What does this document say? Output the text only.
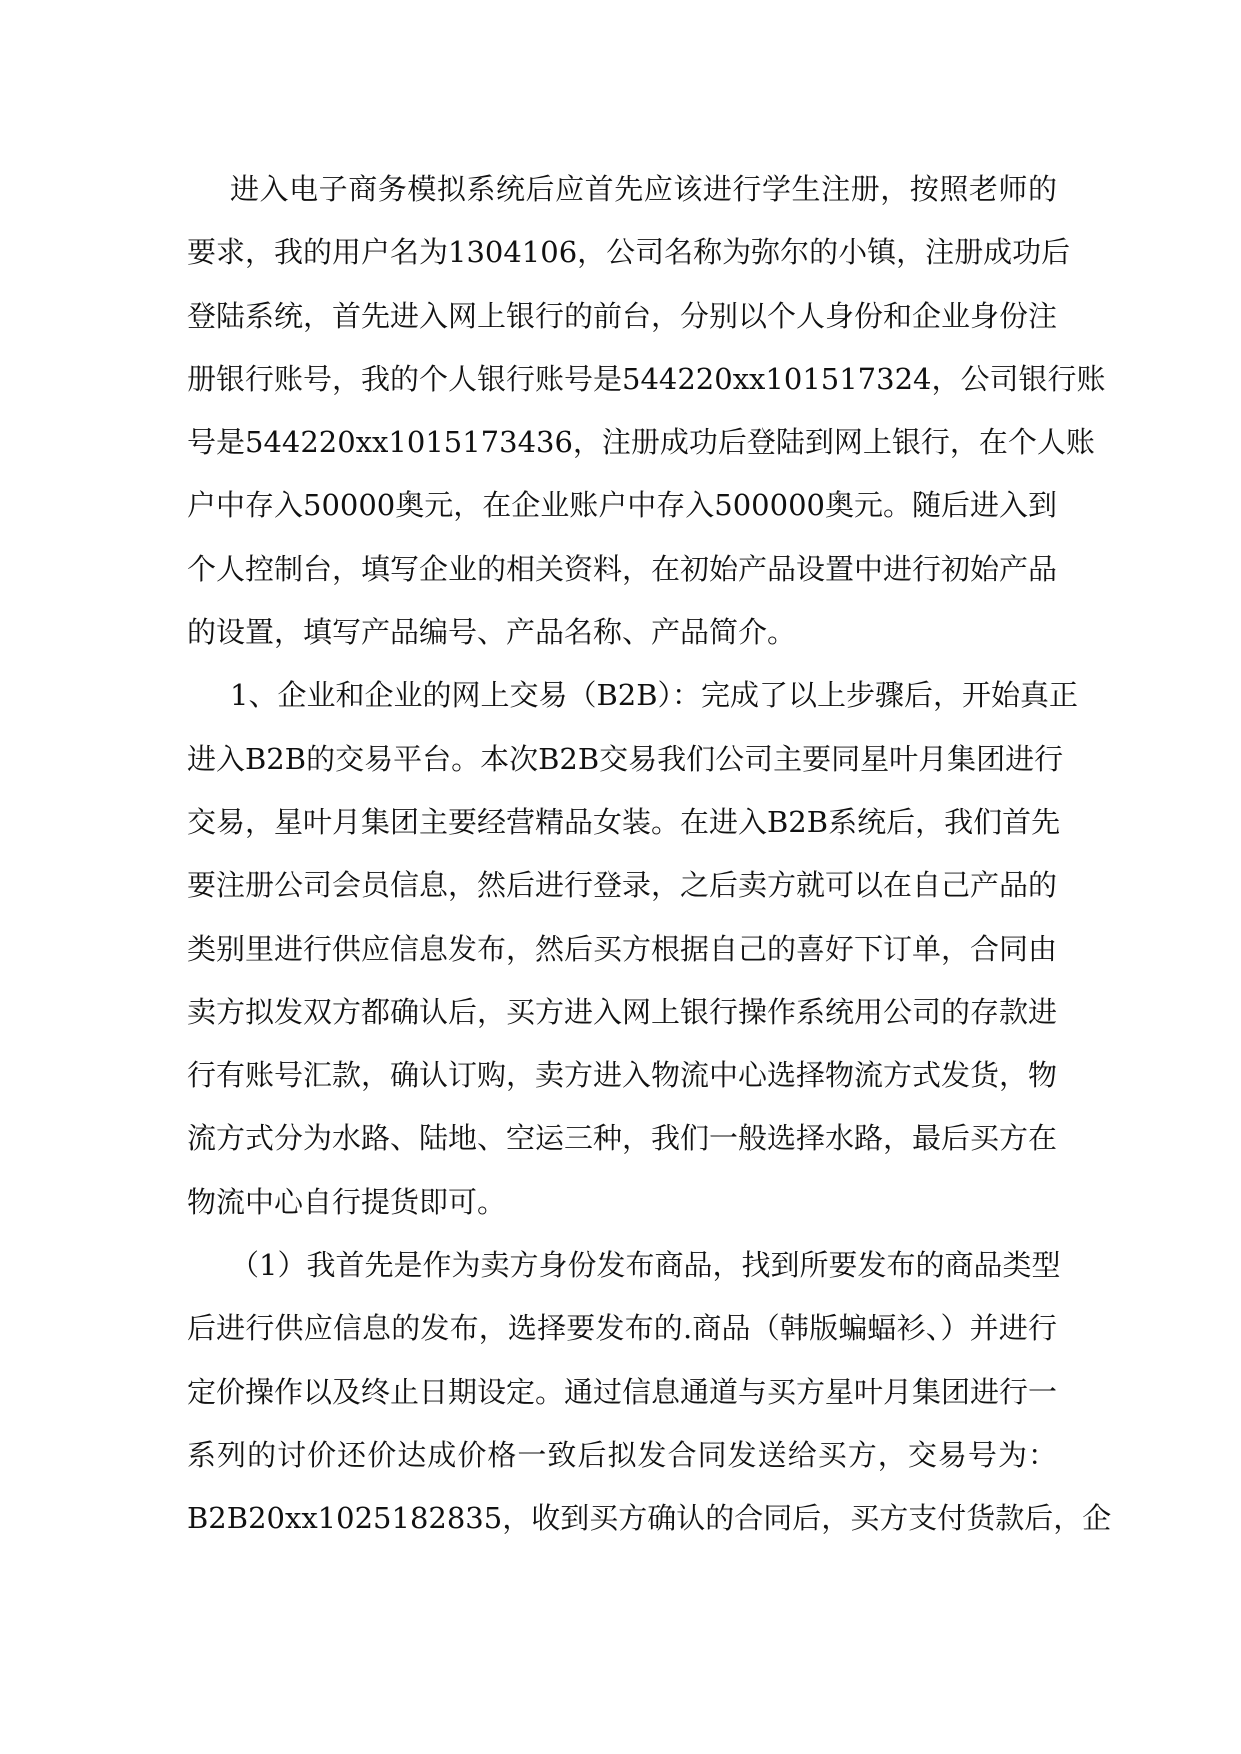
进入电子商务模拟系统后应首先应该进行学生注册，按照老师的
要求，我的用户名为1304106，公司名称为弥尔的小镇，注册成功后
登陆系统，首先进入网上银行的前台，分别以个人身份和企业身份注
册银行账号，我的个人银行账号是544220xx101517324，公司银行账
号是544220xx1015173436，注册成功后登陆到网上银行，在个人账
户中存入50000奥元，在企业账户中存入500000奥元。随后进入到
个人控制台，填写企业的相关资料，在初始产品设置中进行初始产品
的设置，填写产品编号、产品名称、产品简介。
1、企业和企业的网上交易（B2B）：完成了以上步骤后，开始真正
进入B2B的交易平台。本次B2B交易我们公司主要同星叶月集团进行
交易，星叶月集团主要经营精品女装。在进入B2B系统后，我们首先
要注册公司会员信息，然后进行登录，之后卖方就可以在自己产品的
类别里进行供应信息发布，然后买方根据自己的喜好下订单，合同由
卖方拟发双方都确认后，买方进入网上银行操作系统用公司的存款进
行有账号汇款，确认订购，卖方进入物流中心选择物流方式发货，物
流方式分为水路、陆地、空运三种，我们一般选择水路，最后买方在
物流中心自行提货即可。
（1）我首先是作为卖方身份发布商品，找到所要发布的商品类型
后进行供应信息的发布，选择要发布的.商品（韩版蝙蝠衫、）并进行
定价操作以及终止日期设定。通过信息通道与买方星叶月集团进行一
系列的讨价还价达成价格一致后拟发合同发送给买方，交易号为：
B2B20xx1025182835，收到买方确认的合同后，买方支付货款后，企
